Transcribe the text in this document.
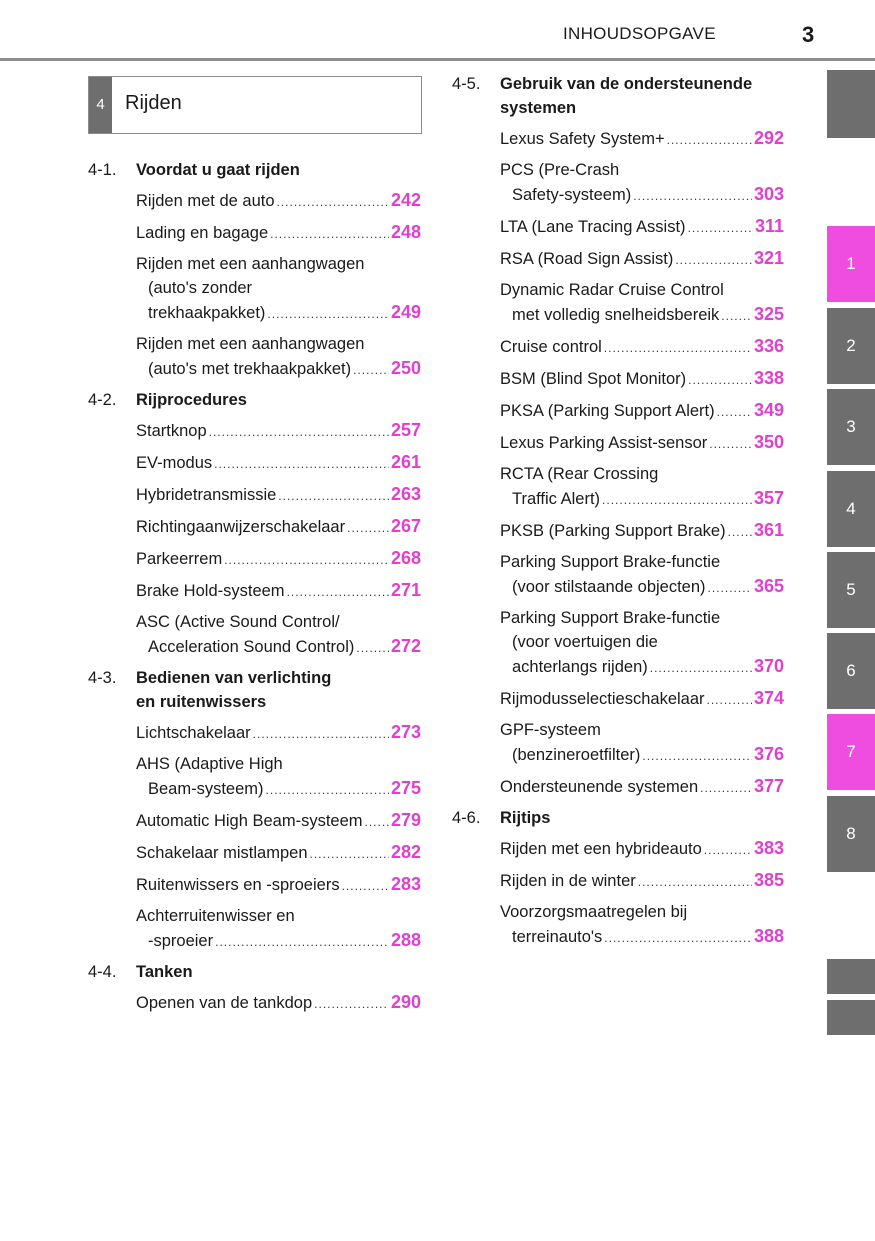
INHOUDSOPGAVE	3
4	Rijden
4-1. Voordat u gaat rijden
Rijden met de auto .....	242
Lading en bagage .....	248
Rijden met een aanhangwagen
(auto's zonder
trekhaakpakket) .....	249
Rijden met een aanhangwagen
(auto's met trekhaakpakket) ..... 250
4-2. Rijprocedures
Startknop .....	257
EV-modus .....	261
Hybridetransmissie .....	263
Richtingaanwijzerschakelaar .....	267
Parkeerrem .....	268
Brake Hold-systeem .....	271
ASC (Active Sound Control/
Acceleration Sound Control) ..... 272
4-3. Bedienen van verlichting
en ruitenwissers
Lichtschakelaar .....	273
AHS (Adaptive High
Beam-systeem) .....	275
Automatic High Beam-systeem ..... 279
Schakelaar mistlampen .....	282
Ruitenwissers en -sproeiers .....	283
Achterruitenwisser en
-sproeier .....	288
4-4. Tanken
Openen van de tankdop .....	290
4-5. Gebruik van de ondersteunende
systemen
Lexus Safety System+ .....	292
PCS (Pre-Crash
Safety-systeem) .....	303
LTA (Lane Tracing Assist) .....	311
RSA (Road Sign Assist) .....	321
Dynamic Radar Cruise Control
met volledig snelheidsbereik ..... 325
Cruise control .....	336
BSM (Blind Spot Monitor) .....	338
PKSA (Parking Support Alert) ..... 349
Lexus Parking Assist-sensor .....	350
RCTA (Rear Crossing
Traffic Alert) .....	357
PKSB (Parking Support Brake) ..... 361
Parking Support Brake-functie
(voor stilstaande objecten) .....	365
Parking Support Brake-functie
(voor voertuigen die
achterlangs rijden) .....	370
Rijmodusselectieschakelaar .....	374
GPF-systeem
(benzineroetfilter) .....	376
Ondersteunende systemen .....	377
4-6. Rijtips
Rijden met een hybrideauto .....	383
Rijden in de winter .....	385
Voorzorgsmaatregelen bij
terreinauto's .....	388
1
2
3
4
5
6
7
8
